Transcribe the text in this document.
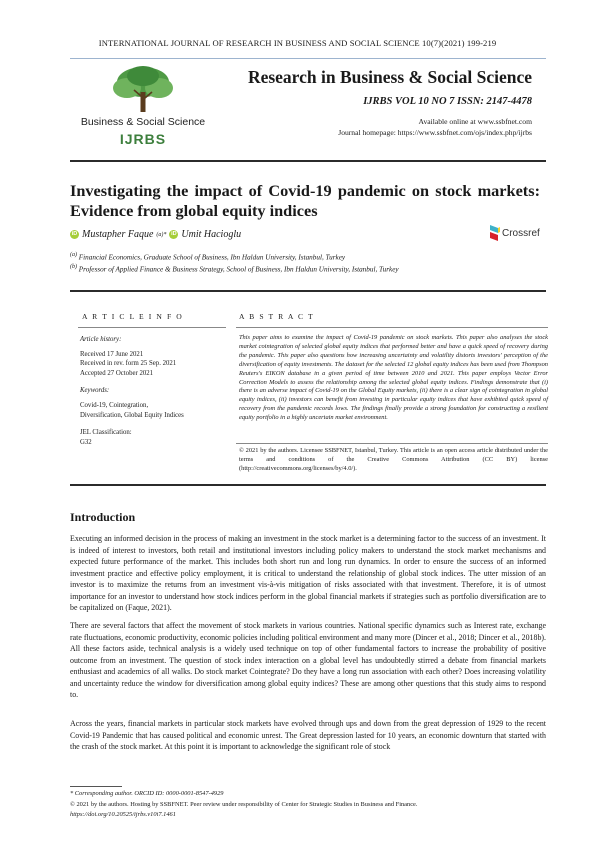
INTERNATIONAL JOURNAL OF RESEARCH IN BUSINESS AND SOCIAL SCIENCE 10(7)(2021) 199-219
Business & Social Science
IJRBS
Research in Business & Social Science
IJRBS VOL 10 NO 7 ISSN: 2147-4478
Available online at www.ssbfnet.com
Journal homepage: https://www.ssbfnet.com/ojs/index.php/ijrbs
Investigating the impact of Covid-19 pandemic on stock markets: Evidence from global equity indices
Crossref
iD Mustapher Faque (a)* iD Umit Hacioglu
$^{(a)}$ Financial Economics, Graduate School of Business, Ibn Haldun University, Istanbul, Turkey
$^{(b)}$ Professor of Applied Finance & Business Strategy, School of Business, Ibn Haldun University, Istanbul, Turkey
A R T I C L E I N F O
Article history:
Received 17 June 2021
Received in rev. form 25 Sep. 2021
Accepted 27 October 2021
Keywords:
Covid-19, Cointegration,
Diversification, Global Equity Indices
JEL Classification:
G32
A B S T R A C T
This paper aims to examine the impact of Covid-19 pandemic on stock markets. This paper also analyses the stock market cointegration of selected global equity indices that performed better and have a quick speed of recovery during the pandemic. This paper also questions how increasing uncertainty and volatility distorts investors' perception of the diversification of equity investments. The dataset for the selected 12 global equity indices has been used from Thompson Reuters's EIKON database in a given period of time between 2010 and 2021. This paper employs Vector Error Correction Models to assess the relationship among the selected global equity indices. Findings demonstrate that (i) there is an adverse impact of Covid-19 on the Global Equity markets, (ii) there is a clear sign of cointegration in global equity indices, (ii) investors can benefit from investing in particular equity indices that have exhibited quick speed of recovery from the pandemic records lows. The findings finally provide a strong foundation for constructing a resilient equity portfolio in a highly uncertain market environment.
© 2021 by the authors. Licensee SSBFNET, Istanbul, Turkey. This article is an open access article distributed under the terms and conditions of the Creative Commons Attribution (CC BY) license (http://creativecommons.org/licenses/by/4.0/).
Introduction
Executing an informed decision in the process of making an investment in the stock market is a determining factor to the success of an investment. It is indeed of interest to investors, both retail and institutional investors including policy makers to understand the stock market mechanisms and expected future performance of the market. This includes both short run and long run dynamics. In order to ensure the success of an informed investment practice and effective policy employment, it is critical to understand the relationship of global stock indices. The utter mission of an investor is to maximize the returns from an investment vis-à-vis mitigation of risks associated with that investment. Therefore, it is of utmost importance for an investor to understand how stock indices perform in the global financial markets if strategies such as portfolio diversification are to be capitalized on (Faque, 2021).
There are several factors that affect the movement of stock markets in various countries. National specific dynamics such as Interest rate, exchange rate fluctuations, economic productivity, economic policies including political environment and many more (Dincer et al., 2018; Dincer et al., 2018b). All these factors aside, technical analysis is a widely used technique on top of other fundamental factors to increase the probability of positive outcome from an investment. The question of stock index interaction on a global level has undoubtedly stirred a debate from financial markets enthusiast and academics of all walks. Do stock market Cointegrate? Do they have a long run association with each other? Does increasing volatility and uncertainty reduce the window for diversification among global equity indices? These are among other questions that this study aims to respond to.
Across the years, financial markets in particular stock markets have evolved through ups and down from the great depression of 1929 to the recent Covid-19 Pandemic that has caused political and economic unrest. The Great depression lasted for 10 years, an economic downturn that started with the crash of the stock market. At this point it is important to acknowledge the significant role of stock
* Corresponding author. ORCID ID: 0000-0001-8547-4929
© 2021 by the authors. Hosting by SSBFNET. Peer review under responsibility of Center for Strategic Studies in Business and Finance.
https://doi.org/10.20525/ijrbs.v10i7.1461
